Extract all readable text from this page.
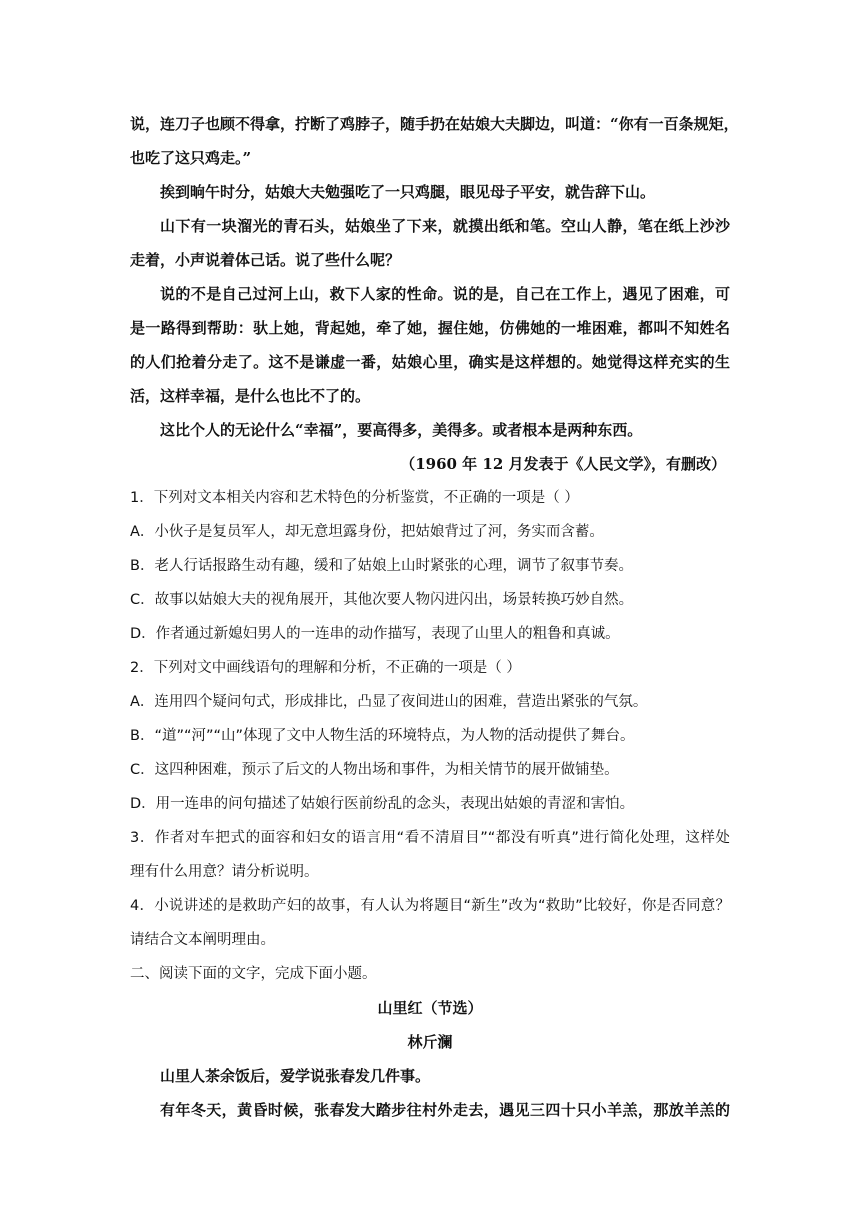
说，连刀子也顾不得拿，拧断了鸡脖子，随手扔在姑娘大夫脚边，叫道：“你有一百条规矩，

也吃了这只鸡走。”

挨到晌午时分，姑娘大夫勉强吃了一只鸡腿，眼见母子平安，就告辞下山。

山下有一块溜光的青石头，姑娘坐了下来，就摸出纸和笔。空山人静，笔在纸上沙沙

走着，小声说着体己话。说了些什么呢？

说的不是自己过河上山，救下人家的性命。说的是，自己在工作上，遇见了困难，可

是一路得到帮助：驮上她，背起她，牵了她，握住她，仿佛她的一堆困难，都叫不知姓名

的人们抢着分走了。这不是谦虚一番，姑娘心里，确实是这样想的。她觉得这样充实的生

活，这样幸福，是什么也比不了的。

这比个人的无论什么“幸福”，要高得多，美得多。或者根本是两种东西。

（1960 年 12 月发表于《人民文学》，有删改）

1．下列对文本相关内容和艺术特色的分析鉴赏，不正确的一项是（ ）

A．小伙子是复员军人，却无意坦露身份，把姑娘背过了河，务实而含蓄。

B．老人行话报路生动有趣，缓和了姑娘上山时紧张的心理，调节了叙事节奏。

C．故事以姑娘大夫的视角展开，其他次要人物闪进闪出，场景转换巧妙自然。

D．作者通过新媳妇男人的一连串的动作描写，表现了山里人的粗鲁和真诚。

2．下列对文中画线语句的理解和分析，不正确的一项是（ ）

A．连用四个疑问句式，形成排比，凸显了夜间进山的困难，营造出紧张的气氛。

B．“道”“河”“山”体现了文中人物生活的环境特点，为人物的活动提供了舞台。

C．这四种困难，预示了后文的人物出场和事件，为相关情节的展开做铺垫。

D．用一连串的问句描述了姑娘行医前纷乱的念头，表现出姑娘的青涩和害怕。

3．作者对车把式的面容和妇女的语言用“看不清眉目”“都没有听真”进行简化处理，这样处

理有什么用意？请分析说明。

4．小说讲述的是救助产妇的故事，有人认为将题目“新生”改为“救助”比较好，你是否同意？

请结合文本阐明理由。

二、阅读下面的文字，完成下面小题。

山里红（节选）

林斤澜

山里人茶余饭后，爱学说张春发几件事。

有年冬天，黄昏时候，张春发大踏步往村外走去，遇见三四十只小羊羔，那放羊羔的
